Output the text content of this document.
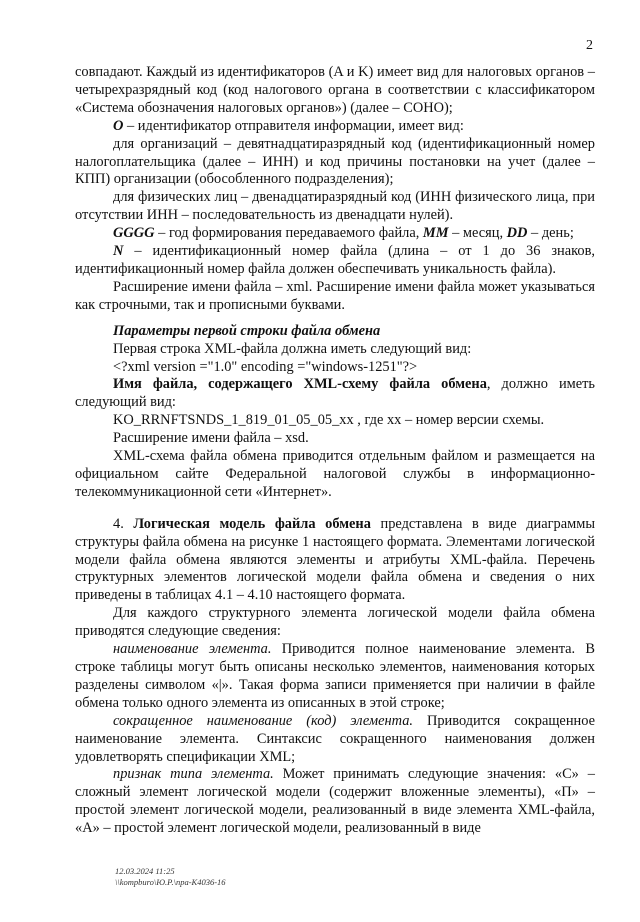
2

совпадают. Каждый из идентификаторов (A и K) имеет вид для налоговых органов – четырехразрядный код (код налогового органа в соответствии с классификатором «Система обозначения налоговых органов») (далее – СОНО);

O – идентификатор отправителя информации, имеет вид:

для организаций – девятнадцатиразрядный код (идентификационный номер налогоплательщика (далее – ИНН) и код причины постановки на учет (далее – КПП) организации (обособленного подразделения);

для физических лиц – двенадцатиразрядный код (ИНН физического лица, при отсутствии ИНН – последовательность из двенадцати нулей).

GGGG – год формирования передаваемого файла, MM – месяц, DD – день;

N – идентификационный номер файла (длина – от 1 до 36 знаков, идентификационный номер файла должен обеспечивать уникальность файла).

Расширение имени файла – xml. Расширение имени файла может указываться как строчными, так и прописными буквами.

Параметры первой строки файла обмена

Первая строка XML-файла должна иметь следующий вид:

<?xml version ="1.0" encoding ="windows-1251"?>

Имя файла, содержащего XML-схему файла обмена, должно иметь следующий вид:

KO_RRNFTSNDS_1_819_01_05_05_xx , где хх – номер версии схемы.

Расширение имени файла – xsd.

XML-схема файла обмена приводится отдельным файлом и размещается на официальном сайте Федеральной налоговой службы в информационно-телекоммуникационной сети «Интернет».

4. Логическая модель файла обмена представлена в виде диаграммы структуры файла обмена на рисунке 1 настоящего формата. Элементами логической модели файла обмена являются элементы и атрибуты XML-файла. Перечень структурных элементов логической модели файла обмена и сведения о них приведены в таблицах 4.1 – 4.10 настоящего формата.

Для каждого структурного элемента логической модели файла обмена приводятся следующие сведения:

наименование элемента. Приводится полное наименование элемента. В строке таблицы могут быть описаны несколько элементов, наименования которых разделены символом «|». Такая форма записи применяется при наличии в файле обмена только одного элемента из описанных в этой строке;

сокращенное наименование (код) элемента. Приводится сокращенное наименование элемента. Синтаксис сокращенного наименования должен удовлетворять спецификации XML;

признак типа элемента. Может принимать следующие значения: «С» – сложный элемент логической модели (содержит вложенные элементы), «П» – простой элемент логической модели, реализованный в виде элемента XML-файла, «А» – простой элемент логической модели, реализованный в виде

12.03.2024 11:25
\\kompburo\Ю.Р.\пра-К4036-16
